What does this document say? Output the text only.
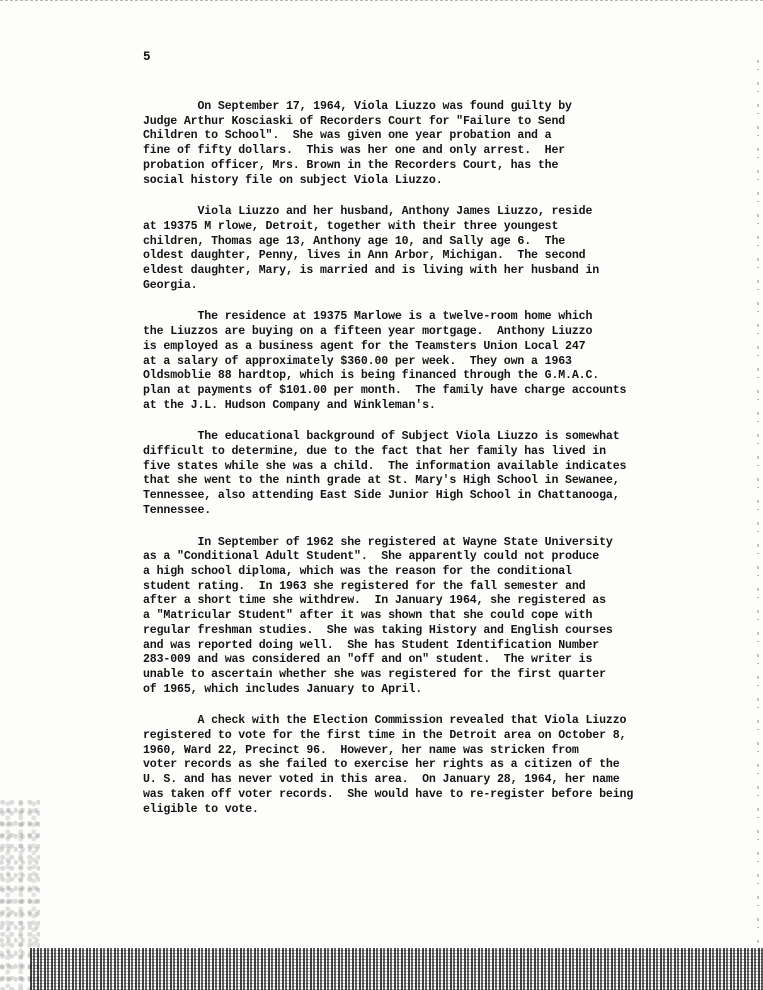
5
On September 17, 1964, Viola Liuzzo was found guilty by
Judge Arthur Kosciaski of Recorders Court for "Failure to Send
Children to School".  She was given one year probation and a
fine of fifty dollars.  This was her one and only arrest.  Her
probation officer, Mrs. Brown in the Recorders Court, has the
social history file on subject Viola Liuzzo.
Viola Liuzzo and her husband, Anthony James Liuzzo, reside
at 19375 M rlowe, Detroit, together with their three youngest
children, Thomas age 13, Anthony age 10, and Sally age 6.  The
oldest daughter, Penny, lives in Ann Arbor, Michigan.  The second
eldest daughter, Mary, is married and is living with her husband in
Georgia.
The residence at 19375 Marlowe is a twelve-room home which
the Liuzzos are buying on a fifteen year mortgage.  Anthony Liuzzo
is employed as a business agent for the Teamsters Union Local 247
at a salary of approximately $360.00 per week.  They own a 1963
Oldsmoblie 88 hardtop, which is being financed through the G.M.A.C.
plan at payments of $101.00 per month.  The family have charge accounts
at the J.L. Hudson Company and Winkleman's.
The educational background of Subject Viola Liuzzo is somewhat
difficult to determine, due to the fact that her family has lived in
five states while she was a child.  The information available indicates
that she went to the ninth grade at St. Mary's High School in Sewanee,
Tennessee, also attending East Side Junior High School in Chattanooga,
Tennessee.
In September of 1962 she registered at Wayne State University
as a "Conditional Adult Student".  She apparently could not produce
a high school diploma, which was the reason for the conditional
student rating.  In 1963 she registered for the fall semester and
after a short time she withdrew.  In January 1964, she registered as
a "Matricular Student" after it was shown that she could cope with
regular freshman studies.  She was taking History and English courses
and was reported doing well.  She has Student Identification Number
283-009 and was considered an "off and on" student.  The writer is
unable to ascertain whether she was registered for the first quarter
of 1965, which includes January to April.
A check with the Election Commission revealed that Viola Liuzzo
registered to vote for the first time in the Detroit area on October 8,
1960, Ward 22, Precinct 96.  However, her name was stricken from
voter records as she failed to exercise her rights as a citizen of the
U. S. and has never voted in this area.  On January 28, 1964, her name
was taken off voter records.  She would have to re-register before being
eligible to vote.
